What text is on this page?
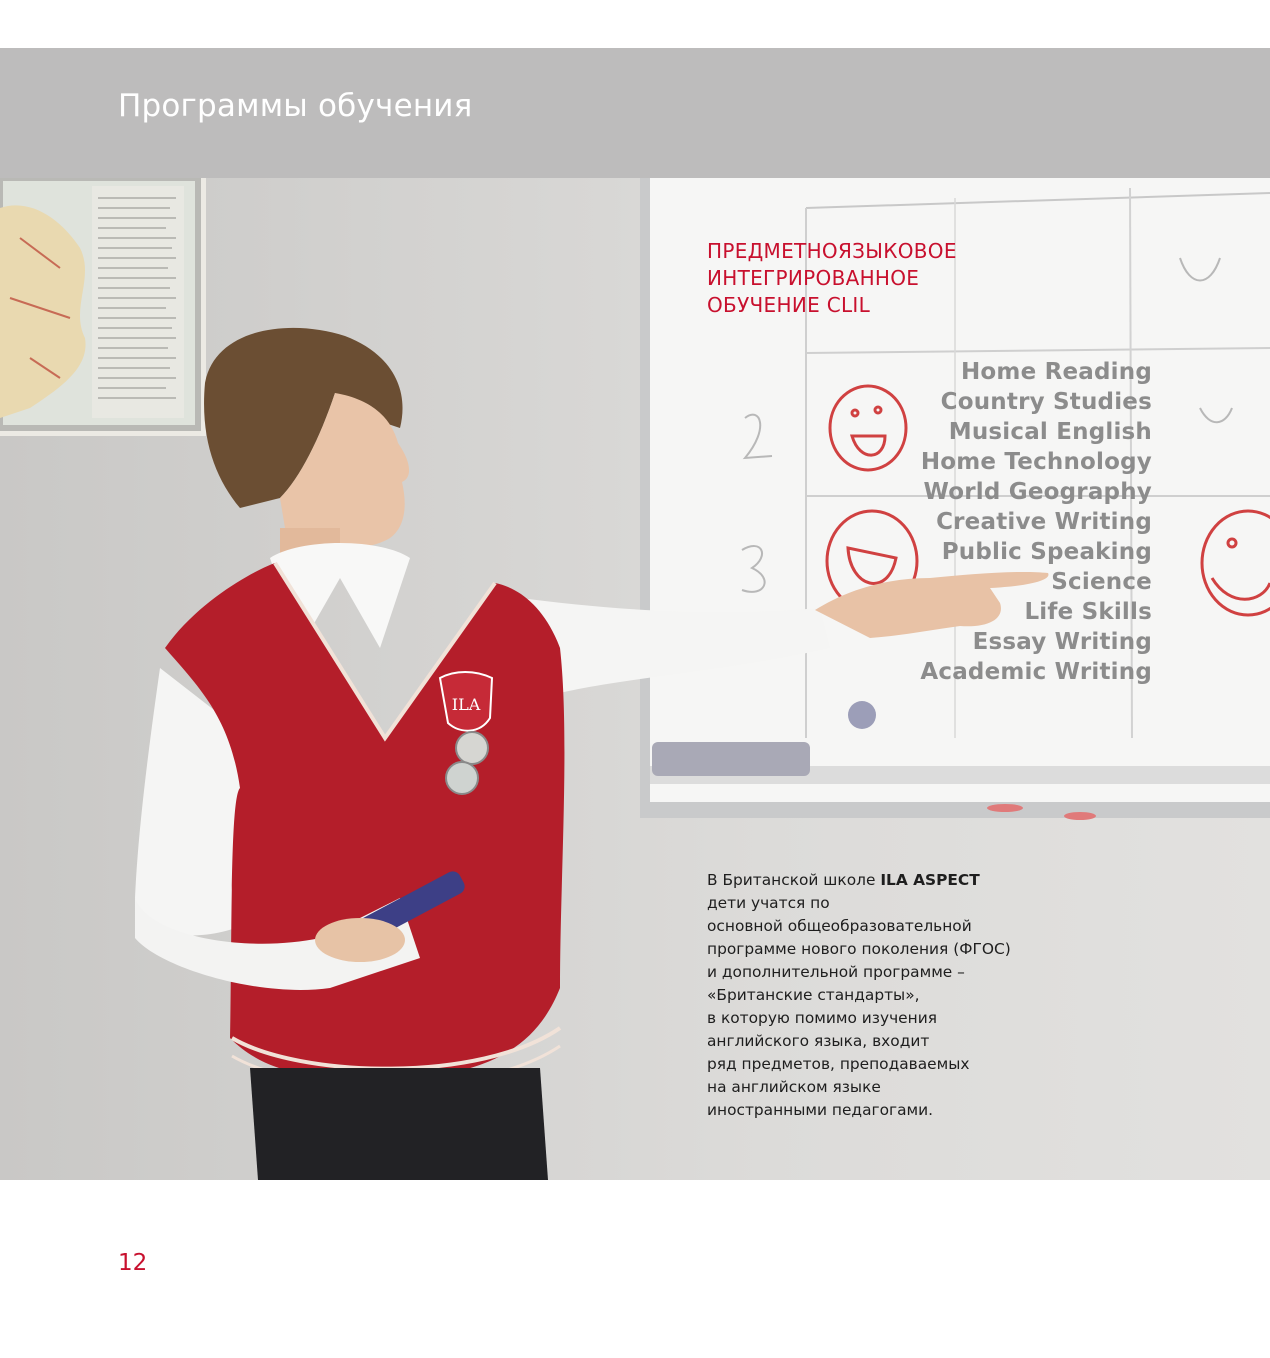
Программы обучения
ILA
ПРЕДМЕТНОЯЗЫКОВОЕ
ИНТЕГРИРОВАННОЕ
ОБУЧЕНИЕ CLIL
Home Reading
Country Studies
Musical English
Home Technology
World Geography
Creative Writing
Public Speaking
Science
Life Skills
Essay Writing
Academic Writing
В Британской школе ILA ASPECT
дети учатся по
основной общеобразовательной
программе нового поколения (ФГОС)
и дополнительной программе –
«Британские стандарты»,
в которую помимо изучения
английского языка, входит
ряд предметов, преподаваемых
на английском языке
иностранными педагогами.
12
